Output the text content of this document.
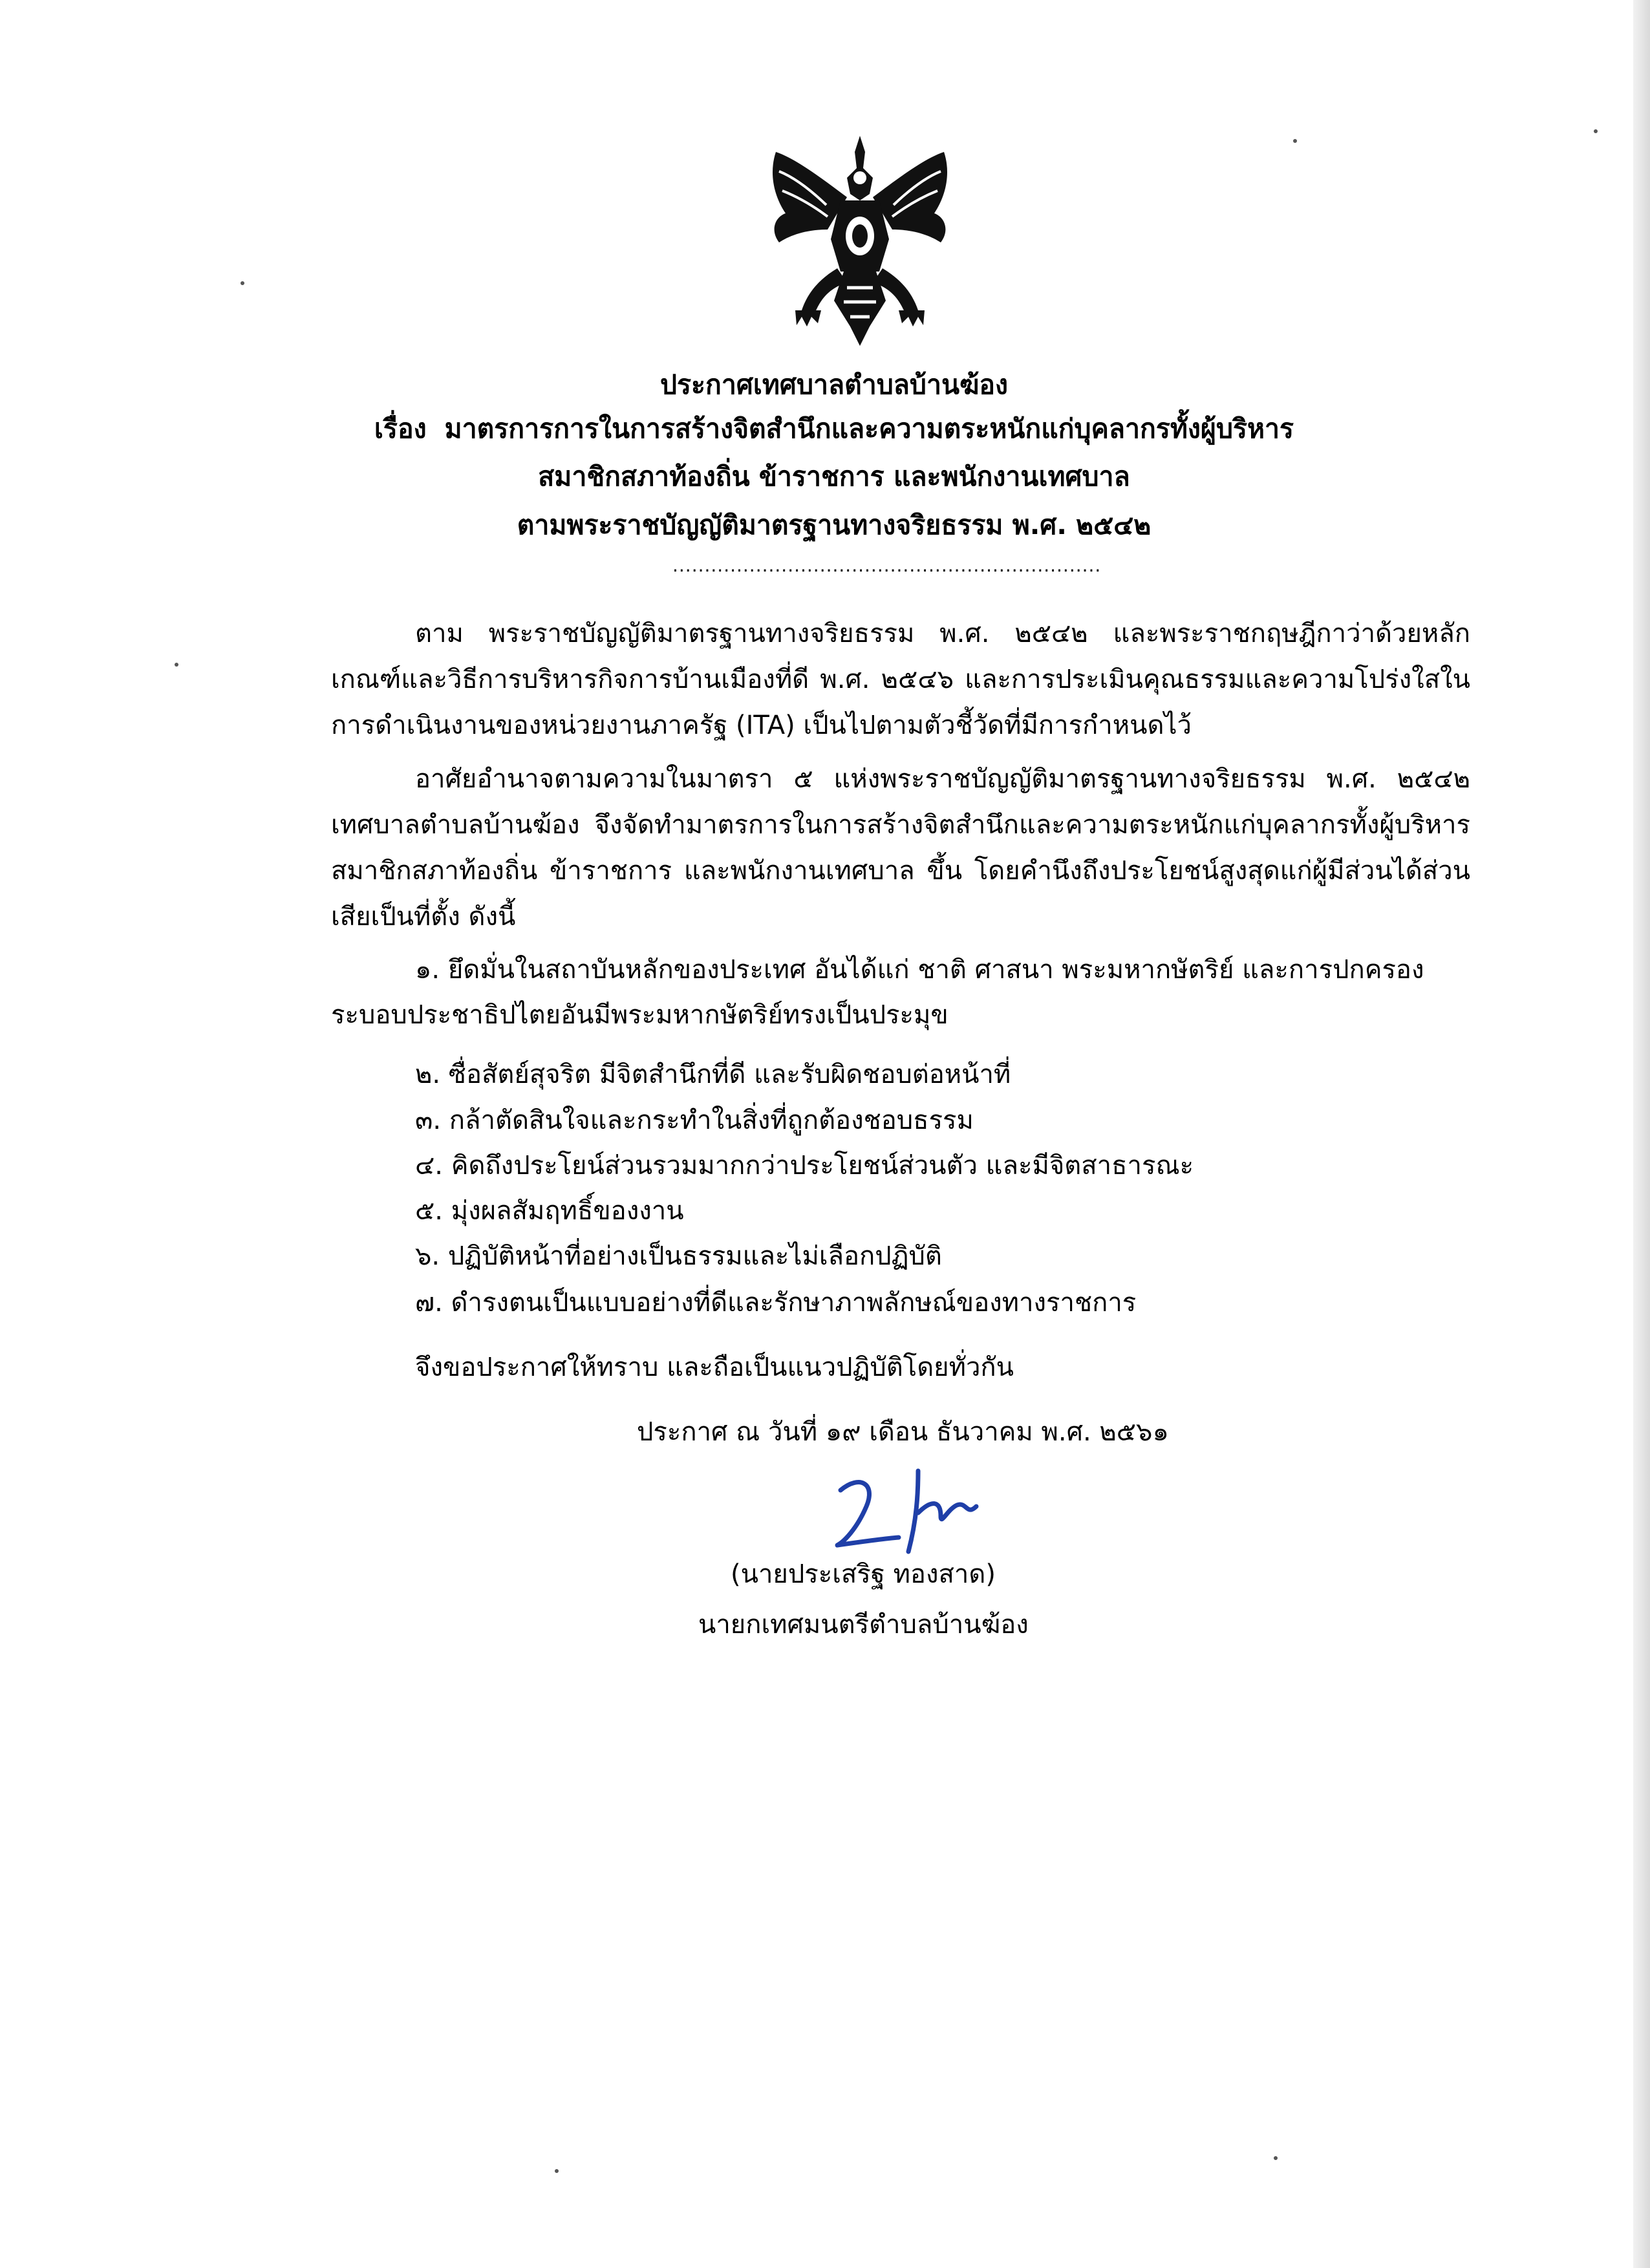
ประกาศเทศบาลตำบลบ้านฆ้อง
เรื่อง มาตรการการในการสร้างจิตสำนึกและความตระหนักแก่บุคลากรทั้งผู้บริหาร
สมาชิกสภาท้องถิ่น ข้าราชการ และพนักงานเทศบาล
ตามพระราชบัญญัติมาตรฐานทางจริยธรรม พ.ศ. ๒๕๔๒
...................................................................
ตาม พระราชบัญญัติมาตรฐานทางจริยธรรม พ.ศ. ๒๕๔๒ และพระราชกฤษฎีกาว่าด้วยหลักเกณฑ์และวิธีการบริหารกิจการบ้านเมืองที่ดี พ.ศ. ๒๕๔๖ และการประเมินคุณธรรมและความโปร่งใสในการดำเนินงานของหน่วยงานภาครัฐ (ITA) เป็นไปตามตัวชี้วัดที่มีการกำหนดไว้
อาศัยอำนาจตามความในมาตรา ๕ แห่งพระราชบัญญัติมาตรฐานทางจริยธรรม พ.ศ. ๒๕๔๒ เทศบาลตำบลบ้านฆ้อง จึงจัดทำมาตรการในการสร้างจิตสำนึกและความตระหนักแก่บุคลากรทั้งผู้บริหาร สมาชิกสภาท้องถิ่น ข้าราชการ และพนักงานเทศบาล ขึ้น โดยคำนึงถึงประโยชน์สูงสุดแก่ผู้มีส่วนได้ส่วนเสียเป็นที่ตั้ง ดังนี้
๑. ยึดมั่นในสถาบันหลักของประเทศ อันได้แก่ ชาติ ศาสนา พระมหากษัตริย์ และการปกครอง
ระบอบประชาธิปไตยอันมีพระมหากษัตริย์ทรงเป็นประมุข
๒. ซื่อสัตย์สุจริต มีจิตสำนึกที่ดี และรับผิดชอบต่อหน้าที่
๓. กล้าตัดสินใจและกระทำในสิ่งที่ถูกต้องชอบธรรม
๔. คิดถึงประโยน์ส่วนรวมมากกว่าประโยชน์ส่วนตัว และมีจิตสาธารณะ
๕. มุ่งผลสัมฤทธิ์ของงาน
๖. ปฏิบัติหน้าที่อย่างเป็นธรรมและไม่เลือกปฏิบัติ
๗. ดำรงตนเป็นแบบอย่างที่ดีและรักษาภาพลักษณ์ของทางราชการ
จึงขอประกาศให้ทราบ และถือเป็นแนวปฏิบัติโดยทั่วกัน
ประกาศ ณ วันที่ ๑๙ เดือน ธันวาคม พ.ศ. ๒๕๖๑
(นายประเสริฐ ทองสาด)
นายกเทศมนตรีตำบลบ้านฆ้อง
